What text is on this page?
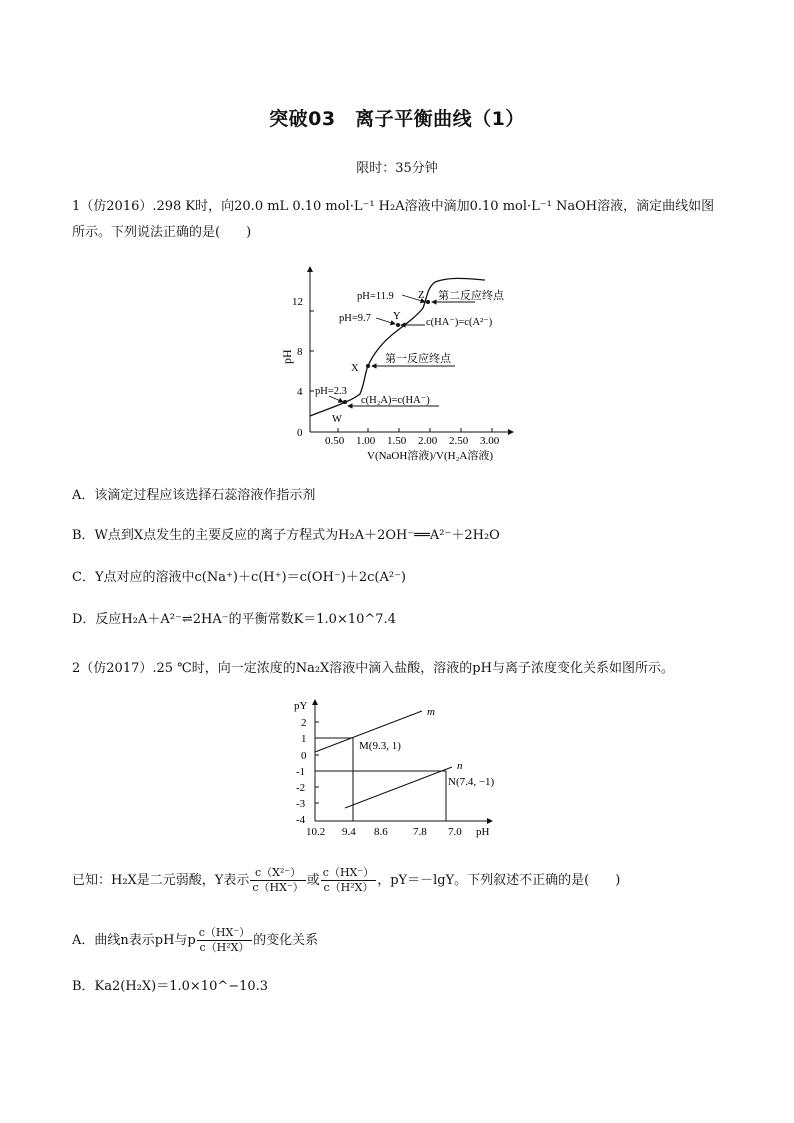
突破03　离子平衡曲线（1）
限时：35分钟
1（仿2016）.298 K时，向20.0 mL 0.10 mol·L⁻¹ H₂A溶液中滴加0.10 mol·L⁻¹ NaOH溶液，滴定曲线如图
所示。下列说法正确的是(　　)
0
4
8
12
pH
0.50 1.00 1.50 2.00 2.50 3.00
V(NaOH溶液)/V(H₂A溶液)
pH=11.9 Z 第二反应终点
pH=9.7 Y
c(HA⁻)=c(A²⁻)
X
第一反应终点
pH=2.3
c(H₂A)=c(HA⁻)
W
A．该滴定过程应该选择石蕊溶液作指示剂
B．W点到X点发生的主要反应的离子方程式为H₂A＋2OH⁻══A²⁻＋2H₂O
C．Y点对应的溶液中c(Na⁺)＋c(H⁺)＝c(OH⁻)＋2c(A²⁻)
D．反应H₂A＋A²⁻⇌2HA⁻的平衡常数K＝1.0×10^7.4
2（仿2017）.25 ℃时，向一定浓度的Na₂X溶液中滴入盐酸，溶液的pH与离子浓度变化关系如图所示。
pY
2
1
0
-1
-2
-3
-4
10.2 9.4 8.6 7.8 7.0 pH
m
n
M(9.3, 1)
N(7.4, −1)
已知：H₂X是二元弱酸，Y表示 $\frac{\text{c（X²⁻）}}{c(HX^-)}$ 或 $\frac{c(HX^-)}{\text{c（H²X）}}$ ，pY＝－lgY。下列叙述不正确的是(　　)
A．曲线n表示pH与p $\frac{c(HX^-)}{\text{c（H²X）}}$ 的变化关系
B．Ka2(H₂X)＝1.0×10^−10.3
